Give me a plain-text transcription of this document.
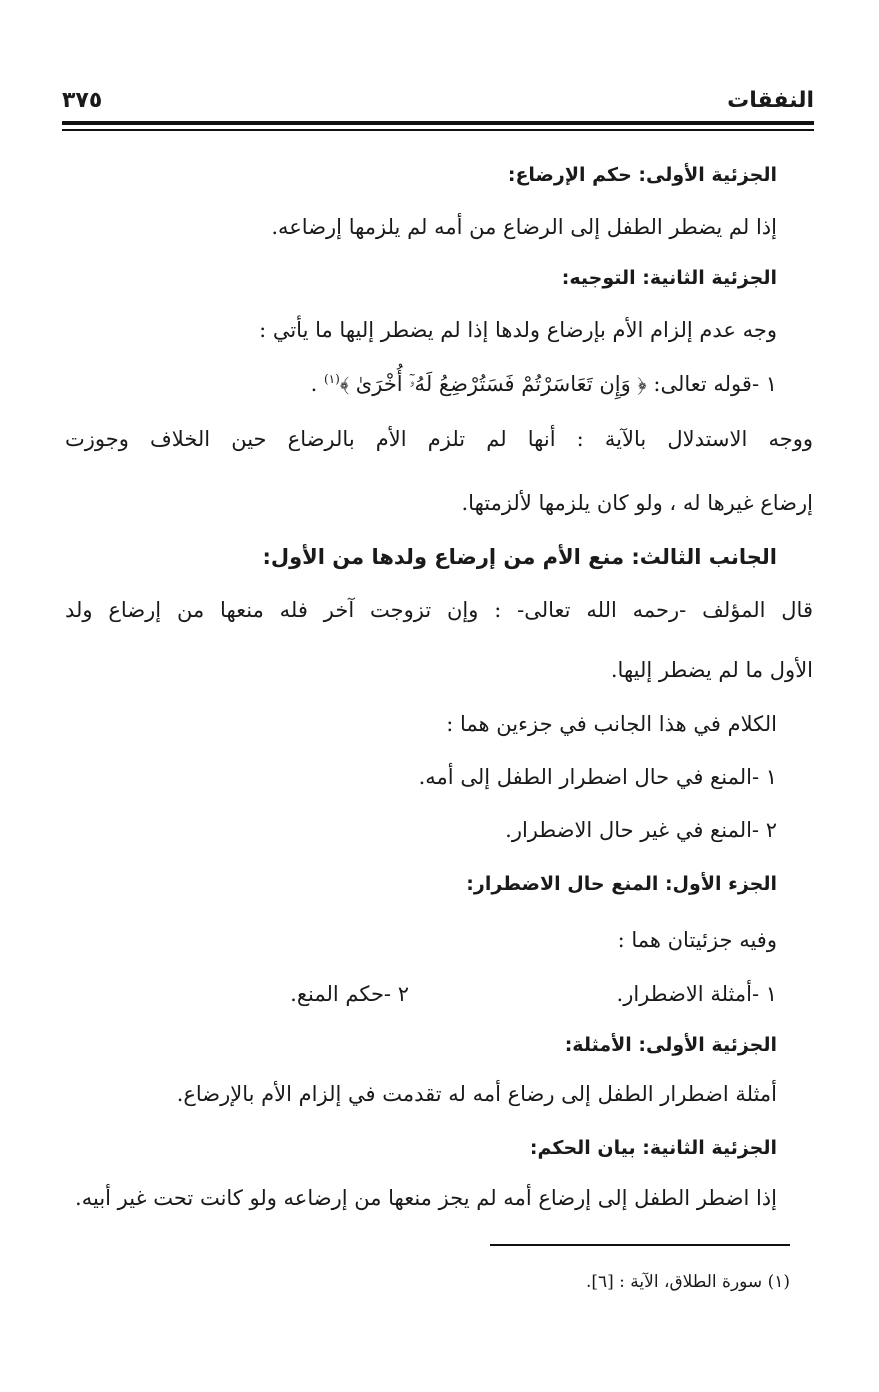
النفقات
٣٧٥
الجزئية الأولى: حكم الإرضاع:
إذا لم يضطر الطفل إلى الرضاع من أمه لم يلزمها إرضاعه.
الجزئية الثانية: التوجيه:
وجه عدم إلزام الأم بإرضاع ولدها إذا لم يضطر إليها ما يأتي :
١ -قوله تعالى: ﴿ وَإِن تَعَاسَرْتُمْ فَسَتُرْضِعُ لَهُۥٓ أُخْرَىٰ ﴾$^{(١)}$ .
ووجه الاستدلال بالآية : أنها لم تلزم الأم بالرضاع حين الخلاف وجوزت
إرضاع غيرها له ، ولو كان يلزمها لألزمتها.
الجانب الثالث: منع الأم من إرضاع ولدها من الأول:
قال المؤلف -رحمه الله تعالى- : وإن تزوجت آخر فله منعها من إرضاع ولد
الأول ما لم يضطر إليها.
الكلام في هذا الجانب في جزءين هما :
١ -المنع في حال اضطرار الطفل إلى أمه.
٢ -المنع في غير حال الاضطرار.
الجزء الأول: المنع حال الاضطرار:
وفيه جزئيتان هما :
١ -أمثلة الاضطرار.
٢ -حكم المنع.
الجزئية الأولى: الأمثلة:
أمثلة اضطرار الطفل إلى رضاع أمه له تقدمت في إلزام الأم بالإرضاع.
الجزئية الثانية: بيان الحكم:
إذا اضطر الطفل إلى إرضاع أمه لم يجز منعها من إرضاعه ولو كانت تحت غير أبيه.
(١) سورة الطلاق، الآية : [٦].
